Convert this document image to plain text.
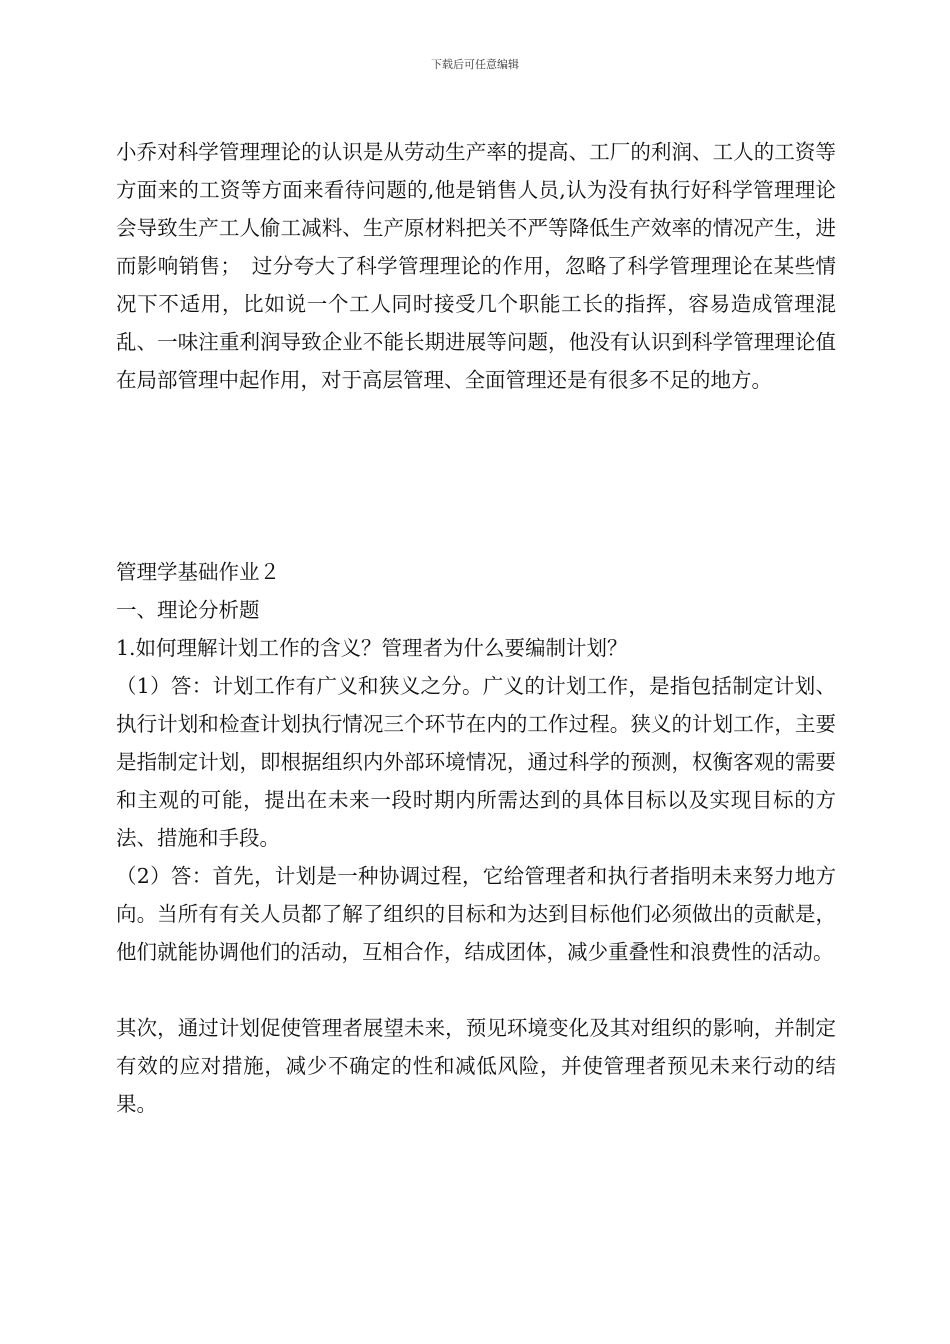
下载后可任意编辑

小乔对科学管理理论的认识是从劳动生产率的提高、工厂的利润、工人的工资等方面来的工资等方面来看待问题的,他是销售人员,认为没有执行好科学管理理论会导致生产工人偷工减料、生产原材料把关不严等降低生产效率的情况产生，进而影响销售；　过分夸大了科学管理理论的作用，忽略了科学管理理论在某些情况下不适用，比如说一个工人同时接受几个职能工长的指挥，容易造成管理混乱、一味注重利润导致企业不能长期进展等问题，他没有认识到科学管理理论值在局部管理中起作用，对于高层管理、全面管理还是有很多不足的地方。

管理学基础作业２

一、理论分析题

1.如何理解计划工作的含义？管理者为什么要编制计划？

（1）答：计划工作有广义和狭义之分。广义的计划工作，是指包括制定计划、执行计划和检查计划执行情况三个环节在内的工作过程。狭义的计划工作，主要是指制定计划，即根据组织内外部环境情况，通过科学的预测，权衡客观的需要和主观的可能，提出在未来一段时期内所需达到的具体目标以及实现目标的方法、措施和手段。

（2）答：首先，计划是一种协调过程，它给管理者和执行者指明未来努力地方向。当所有有关人员都了解了组织的目标和为达到目标他们必须做出的贡献是，他们就能协调他们的活动，互相合作，结成团体，减少重叠性和浪费性的活动。

其次，通过计划促使管理者展望未来，预见环境变化及其对组织的影响，并制定有效的应对措施，减少不确定的性和减低风险，并使管理者预见未来行动的结果。
